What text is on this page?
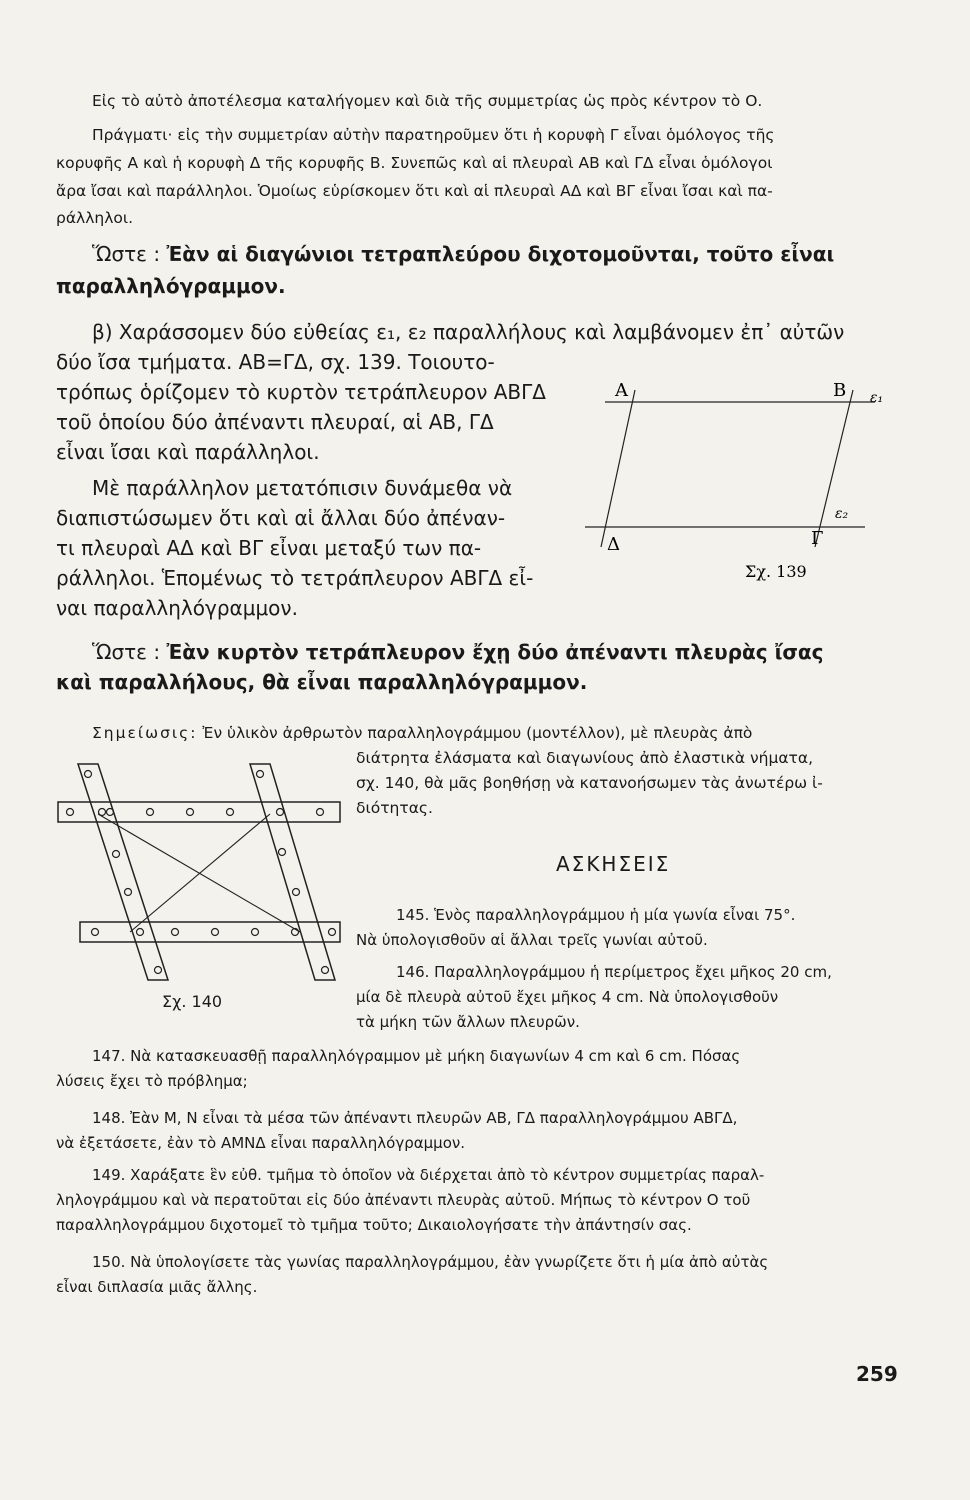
Εἰς τὸ αὐτὸ ἀποτέλεσμα καταλήγομεν καὶ διὰ τῆς συμμετρίας ὡς πρὸς κέντρον τὸ Ο.
Πράγματι· εἰς τὴν συμμετρίαν αὐτὴν παρατηροῦμεν ὅτι ἡ κορυφὴ Γ εἶναι ὁμόλογος τῆς
κορυφῆς Α καὶ ἡ κορυφὴ Δ τῆς κορυφῆς Β. Συνεπῶς καὶ αἱ πλευραὶ ΑΒ καὶ ΓΔ εἶναι ὁμόλογοι
ἄρα ἴσαι καὶ παράλληλοι. Ὁμοίως εὑρίσκομεν ὅτι καὶ αἱ πλευραὶ ΑΔ καὶ ΒΓ εἶναι ἴσαι καὶ πα-
ράλληλοι.
Ὥστε : Ἐὰν αἱ διαγώνιοι τετραπλεύρου διχοτομοῦνται, τοῦτο εἶναι
παραλληλόγραμμον.
β) Χαράσσομεν δύο εὐθείας ε₁, ε₂ παραλλήλους καὶ λαμβάνομεν ἐπ᾽ αὐτῶν
δύο ἴσα τμήματα. ΑΒ=ΓΔ, σχ. 139. Τοιουτο-
τρόπως ὁρίζομεν τὸ κυρτὸν τετράπλευρον ΑΒΓΔ
τοῦ ὁποίου δύο ἀπέναντι πλευραί, αἱ ΑΒ, ΓΔ
εἶναι ἴσαι καὶ παράλληλοι.
Μὲ παράλληλον μετατόπισιν δυνάμεθα νὰ
διαπιστώσωμεν ὅτι καὶ αἱ ἄλλαι δύο ἀπέναν-
τι πλευραὶ ΑΔ καὶ ΒΓ εἶναι μεταξύ των πα-
ράλληλοι. Ἑπομένως τὸ τετράπλευρον ΑΒΓΔ εἶ-
ναι παραλληλόγραμμον.
Α	Β ε₁
ε₂
Δ	Γ
Σχ. 139
Ὥστε : Ἐὰν κυρτὸν τετράπλευρον ἔχῃ δύο ἀπέναντι πλευρὰς ἴσας
καὶ παραλλήλους, θὰ εἶναι παραλληλόγραμμον.
Σημείωσις: Ἐν ὑλικὸν ἀρθρωτὸν παραλληλογράμμου (μοντέλλον), μὲ πλευρὰς ἀπὸ
διάτρητα ἐλάσματα καὶ διαγωνίους ἀπὸ ἐλαστικὰ νήματα,
σχ. 140, θὰ μᾶς βοηθήσῃ νὰ κατανοήσωμεν τὰς ἀνωτέρω ἰ-
διότητας.
Σχ. 140
ΑΣΚΗΣΕΙΣ
145. Ἑνὸς παραλληλογράμμου ἡ μία γωνία εἶναι 75°.
Νὰ ὑπολογισθοῦν αἱ ἄλλαι τρεῖς γωνίαι αὐτοῦ.
146. Παραλληλογράμμου ἡ περίμετρος ἔχει μῆκος 20 cm,
μία δὲ πλευρὰ αὐτοῦ ἔχει μῆκος 4 cm. Νὰ ὑπολογισθοῦν
τὰ μήκη τῶν ἄλλων πλευρῶν.
147. Νὰ κατασκευασθῇ παραλληλόγραμμον μὲ μήκη διαγωνίων 4 cm καὶ 6 cm. Πόσας
λύσεις ἔχει τὸ πρόβλημα;
148. Ἐὰν Μ, Ν εἶναι τὰ μέσα τῶν ἀπέναντι πλευρῶν ΑΒ, ΓΔ παραλληλογράμμου ΑΒΓΔ,
νὰ ἐξετάσετε, ἐὰν τὸ ΑΜΝΔ εἶναι παραλληλόγραμμον.
149. Χαράξατε ἓν εὐθ. τμῆμα τὸ ὁποῖον νὰ διέρχεται ἀπὸ τὸ κέντρον συμμετρίας παραλ-
ληλογράμμου καὶ νὰ περατοῦται εἰς δύο ἀπέναντι πλευρὰς αὐτοῦ. Μήπως τὸ κέντρον Ο τοῦ
παραλληλογράμμου διχοτομεῖ τὸ τμῆμα τοῦτο; Δικαιολογήσατε τὴν ἀπάντησίν σας.
150. Νὰ ὑπολογίσετε τὰς γωνίας παραλληλογράμμου, ἐὰν γνωρίζετε ὅτι ἡ μία ἀπὸ αὐτὰς
εἶναι διπλασία μιᾶς ἄλλης.
259
